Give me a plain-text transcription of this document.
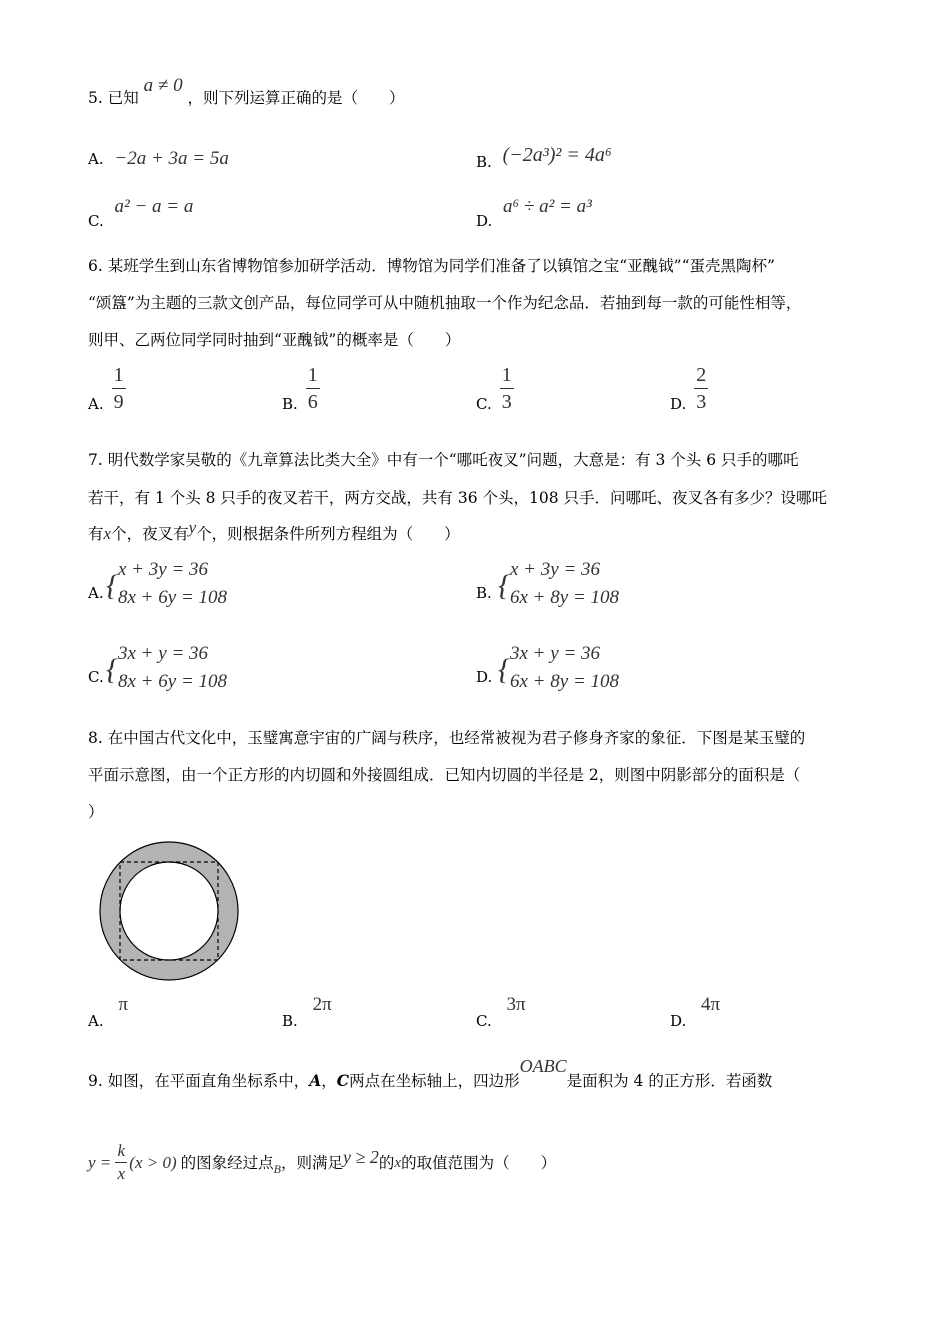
5. 已知 a ≠ 0 ，则下列运算正确的是（　　）
A. −2a + 3a = 5a	B. (−2a³)² = 4a⁶
C. a² − a = a
D. a⁶ ÷ a² = a³
6. 某班学生到山东省博物馆参加研学活动．博物馆为同学们准备了以镇馆之宝“亚醜钺”“蛋壳黑陶杯”
“颂簋”为主题的三款文创产品，每位同学可从中随机抽取一个作为纪念品．若抽到每一款的可能性相等，
则甲、乙两位同学同时抽到“亚醜钺”的概率是（　　）
A. $\frac{1}{9}$	B. $\frac{1}{6}$	C. $\frac{1}{3}$	D. $\frac{2}{3}$
7. 明代数学家吴敬的《九章算法比类大全》中有一个“哪吒夜叉”问题，大意是：有 3 个头 6 只手的哪吒
若干，有 1 个头 8 只手的夜叉若干，两方交战，共有 36 个头，108 只手．问哪吒、夜叉各有多少？设哪吒
有x个，夜叉有y个，则根据条件所列方程组为（　　）
A. { x + 3y = 36
8x + 6y = 108	B. { x + 3y = 36
6x + 8y = 108
C. { 3x + y = 36
8x + 6y = 108	D. { 3x + y = 36
6x + 8y = 108
8. 在中国古代文化中，玉璧寓意宇宙的广阔与秩序，也经常被视为君子修身齐家的象征．下图是某玉璧的
平面示意图，由一个正方形的内切圆和外接圆组成．已知内切圆的半径是 2，则图中阴影部分的面积是（
）
A. π
B. 2π
C. 3π
D. 4π
9. 如图，在平面直角坐标系中，A，C两点在坐标轴上，四边形OABC是面积为 4 的正方形．若函数
$y = \frac{k}{x} (x > 0)$ 的图象经过点 B ，则满足 y ≥ 2 的 x 的取值范围为（　　）
